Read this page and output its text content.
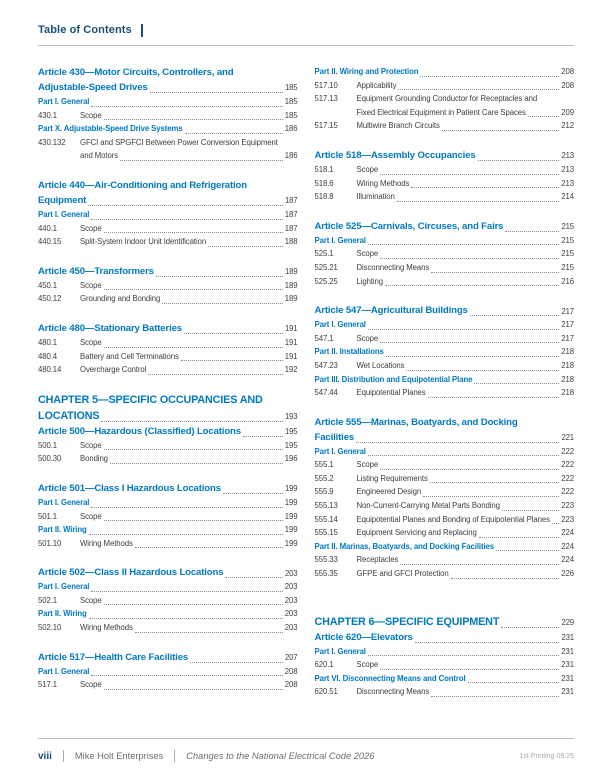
Table of Contents
Article 430—Motor Circuits, Controllers, and
Adjustable-Speed Drives	185
Part I. General	185
430.1	Scope	185
Part X. Adjustable-Speed Drive Systems	186
430.132	GFCI and SPGFCI Between Power Conversion Equipment
and Motors	186
Article 440—Air-Conditioning and Refrigeration
Equipment	187
Part I. General	187
440.1	Scope	187
440.15	Split-System Indoor Unit Identification	188
Article 450—Transformers	189
450.1	Scope	189
450.12	Grounding and Bonding	189
Article 480—Stationary Batteries	191
480.1	Scope	191
480.4	Battery and Cell Terminations	191
480.14	Overcharge Control	192
CHAPTER 5—SPECIFIC OCCUPANCIES AND
LOCATIONS	193
Article 500—Hazardous (Classified) Locations	195
500.1	Scope	195
500.30	Bonding	196
Article 501—Class I Hazardous Locations	199
Part I. General	199
501.1	Scope	199
Part II. Wiring	199
501.10	Wiring Methods	199
Article 502—Class II Hazardous Locations	203
Part I. General	203
502.1	Scope	203
Part II. Wiring	203
502.10	Wiring Methods	203
Article 517—Health Care Facilities	207
Part I. General	208
517.1	Scope	208
Part II. Wiring and Protection	208
517.10	Applicability	208
517.13	Equipment Grounding Conductor for Receptacles and
Fixed Electrical Equipment in Patient Care Spaces	209
517.15	Multiwire Branch Circuits	212
Article 518—Assembly Occupancies	213
518.1	Scope	213
518.6	Wiring Methods	213
518.8	Illumination	214
Article 525—Carnivals, Circuses, and Fairs	215
Part I. General	215
525.1	Scope	215
525.21	Disconnecting Means	215
525.25	Lighting	216
Article 547—Agricultural Buildings	217
Part I. General	217
547.1	Scope	217
Part II. Installations	218
547.23	Wet Locations	218
Part III. Distribution and Equipotential Plane	218
547.44	Equipotential Planes	218
Article 555—Marinas, Boatyards, and Docking
Facilities	221
Part I. General	222
555.1	Scope	222
555.2	Listing Requirements	222
555.9	Engineered Design	222
555.13	Non-Current-Carrying Metal Parts Bonding	223
555.14	Equipotential Planes and Bonding of Equipotential Planes 223
555.15	Equipment Servicing and Replacing	224
Part II. Marinas, Boatyards, and Docking Facilities	224
555.33	Receptacles	224
555.35	GFPE and GFCI Protection	226
CHAPTER 6—SPECIFIC EQUIPMENT	229
Article 620—Elevators	231
Part I. General	231
620.1	Scope	231
Part VI. Disconnecting Means and Control	231
620.51	Disconnecting Means	231
viii Mike Holt Enterprises Changes to the National Electrical Code 2026	1st Printing 09.25
